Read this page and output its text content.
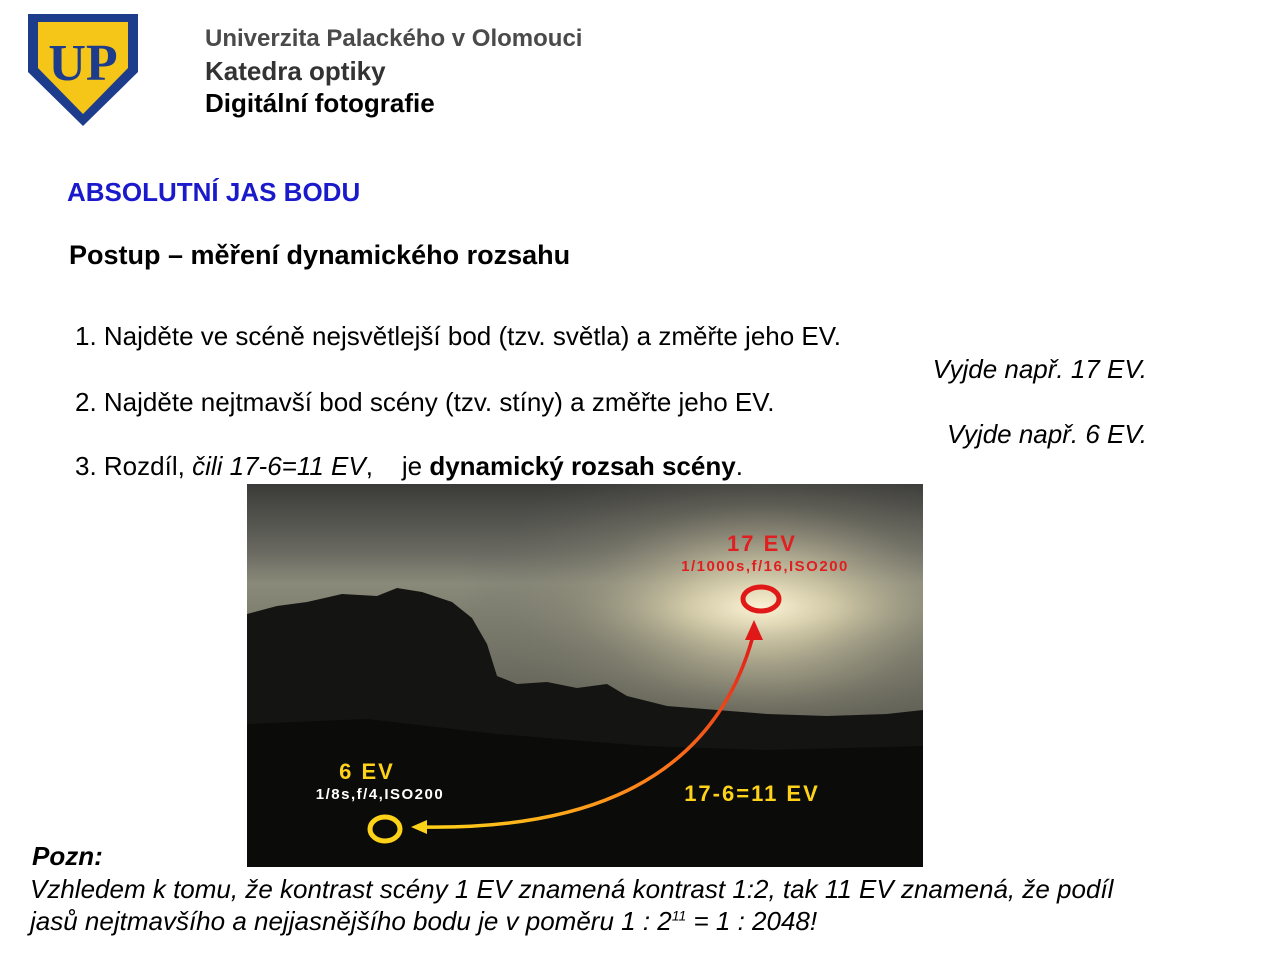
UP	Univerzita Palackého v Olomouci
Katedra optiky
Digitální fotografie
ABSOLUTNÍ JAS BODU
Postup – měření dynamického rozsahu
1. Najděte ve scéně nejsvětlejší bod (tzv. světla) a změřte jeho EV.
Vyjde např. 17 EV.
2. Najděte nejtmavší bod scény (tzv. stíny) a změřte jeho EV.
Vyjde např. 6 EV.
3. Rozdíl, čili 17-6=11 EV,    je dynamický rozsah scény.
17 EV
1/1000s,f/16,ISO200
6 EV
1/8s,f/4,ISO200	17-6=11 EV
Pozn:
Vzhledem k tomu, že kontrast scény 1 EV znamená kontrast 1:2, tak 11 EV znamená, že podíl
jasů nejtmavšího a nejjasnějšího bodu je v poměru 1 : $2^{11} = 1$ : 2048!
